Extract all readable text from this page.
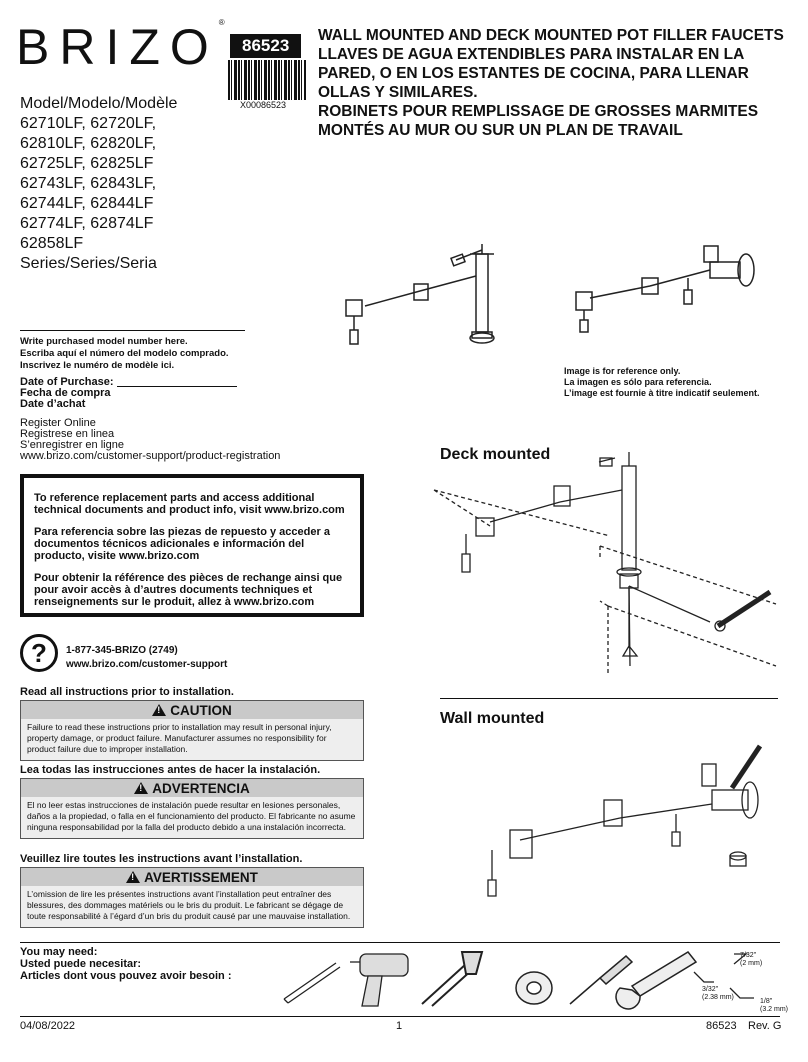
BRIZO®
86523
X00086523
WALL MOUNTED AND DECK MOUNTED POT FILLER FAUCETS
LLAVES DE AGUA EXTENDIBLES PARA INSTALAR EN LA PARED, O EN LOS ESTANTES DE COCINA, PARA LLENAR OLLAS Y SIMILARES.
ROBINETS POUR REMPLISSAGE DE GROSSES MARMITES MONTÉS AU MUR OU SUR UN PLAN DE TRAVAIL
Model/Modelo/Modèle
62710LF, 62720LF,
62810LF, 62820LF,
62725LF, 62825LF
62743LF, 62843LF,
62744LF, 62844LF
62774LF, 62874LF
62858LF
Series/Series/Seria
Write purchased model number here.
Escriba aquí el número del modelo comprado.
Inscrivez le numéro de modèle ici.
Date of Purchase:
Fecha de compra
Date d’achat
Register Online
Registrese en linea
S’enregistrer en ligne
www.brizo.com/customer-support/product-registration

To reference replacement parts and access additional technical documents and product info, visit www.brizo.com

Para referencia sobre las piezas de repuesto y acceder a documentos técnicos adicionales e información del producto, visite www.brizo.com

Pour obtenir la référence des pièces de rechange ainsi que pour avoir accès à d’autres documents techniques et renseignements sur le produit, allez à www.brizo.com

?	1-877-345-BRIZO (2749)
www.brizo.com/customer-support
Read all instructions prior to installation.
!CAUTION
Failure to read these instructions prior to installation may result in personal injury, property damage, or product failure. Manufacturer assumes no responsibility for product failure due to improper installation.
Lea todas las instrucciones antes de hacer la instalación.
!ADVERTENCIA
El no leer estas instrucciones de instalación puede resultar en lesiones personales, daños a la propiedad, o falla en el funcionamiento del producto. El fabricante no asume ninguna responsabilidad por la falla del producto debido a una instalación incorrecta.
Veuillez lire toutes les instructions avant l’installation.
!AVERTISSEMENT
L’omission de lire les présentes instructions avant l’installation peut entraîner des blessures, des dommages matériels ou le bris du produit. Le fabricant se dégage de toute responsabilité à l’égard d’un bris du produit causé par une mauvaise installation.
Image is for reference only.
La imagen es sólo para referencia.
L’image est fournie à titre indicatif seulement.
Deck mounted
Wall mounted
You may need:
Usted puede necesitar:
Articles dont vous pouvez avoir besoin :
7/32"
(2 mm)
3/32"
(2.38 mm)
1/8"
(3.2 mm)
04/08/2022	1	86523 Rev. G
